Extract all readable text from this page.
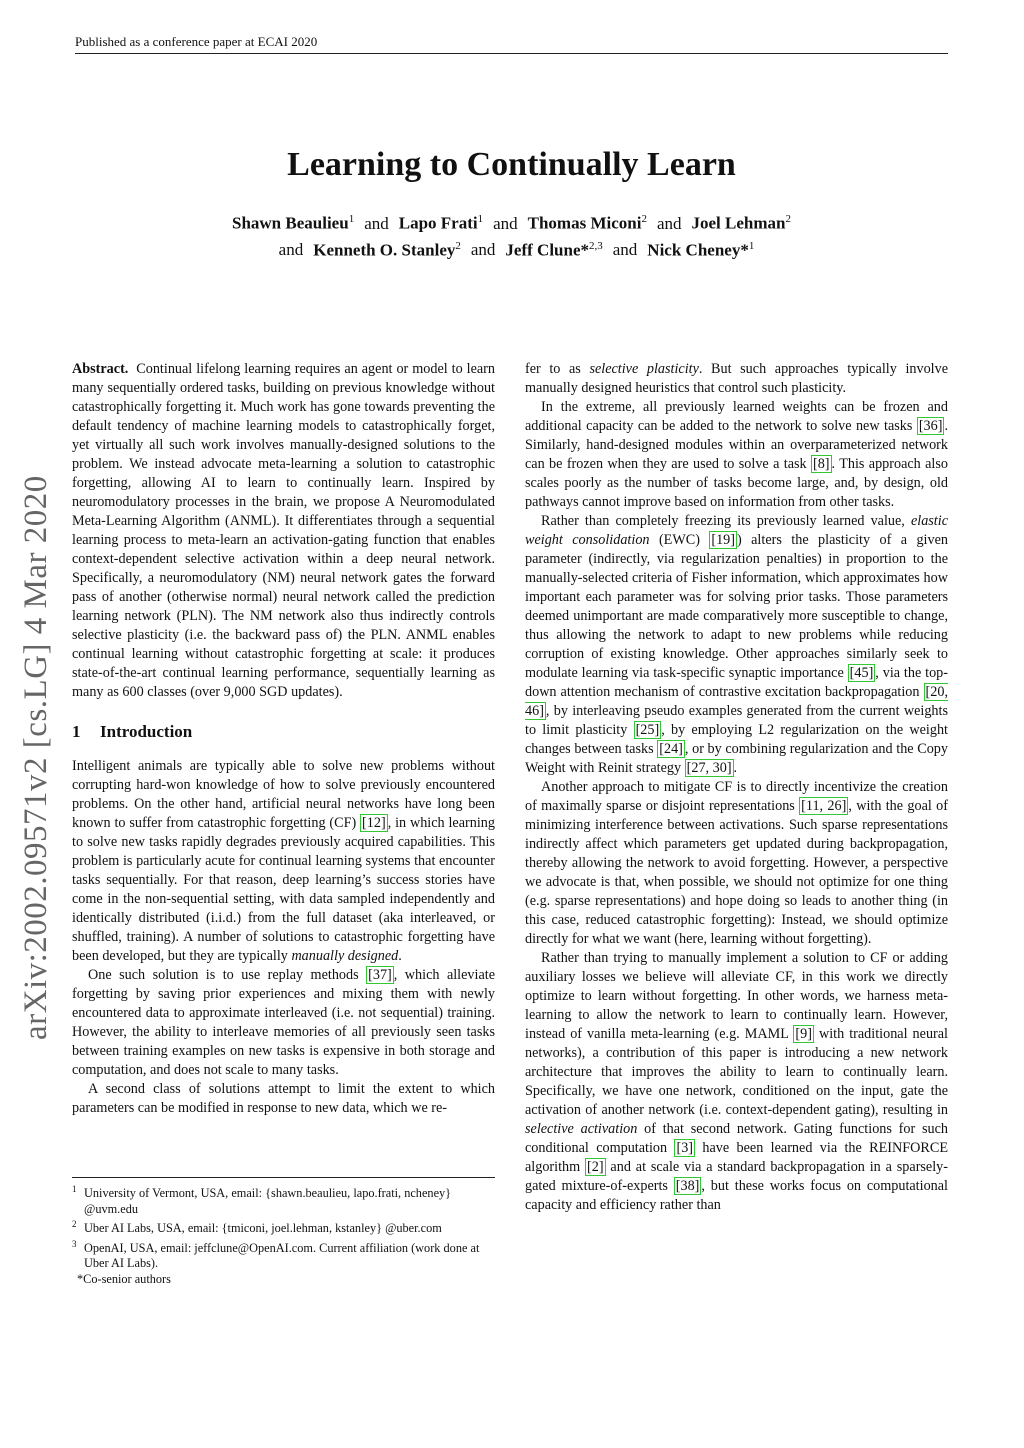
Published as a conference paper at ECAI 2020
arXiv:2002.09571v2 [cs.LG] 4 Mar 2020
Learning to Continually Learn
Shawn Beaulieu$^1$ and Lapo Frati$^1$ and Thomas Miconi$^2$ and Joel Lehman$^2$
and Kenneth O. Stanley$^2$ and Jeff Clune*$^{2,3}$ and Nick Cheney*$^1$

Abstract. Continual lifelong learning requires an agent or model to learn many sequentially ordered tasks, building on previous knowledge without catastrophically forgetting it. Much work has gone towards preventing the default tendency of machine learning models to catastrophically forget, yet virtually all such work involves manually-designed solutions to the problem. We instead advocate meta-learning a solution to catastrophic forgetting, allowing AI to learn to continually learn. Inspired by neuromodulatory processes in the brain, we propose A Neuromodulated Meta-Learning Algorithm (ANML). It differentiates through a sequential learning process to meta-learn an activation-gating function that enables context-dependent selective activation within a deep neural network. Specifically, a neuromodulatory (NM) neural network gates the forward pass of another (otherwise normal) neural network called the prediction learning network (PLN). The NM network also thus indirectly controls selective plasticity (i.e. the backward pass of) the PLN. ANML enables continual learning without catastrophic forgetting at scale: it produces state-of-the-art continual learning performance, sequentially learning as many as 600 classes (over 9,000 SGD updates).

1 Introduction

Intelligent animals are typically able to solve new problems without corrupting hard-won knowledge of how to solve previously encountered problems. On the other hand, artificial neural networks have long been known to suffer from catastrophic forgetting (CF) [12] , in which learning to solve new tasks rapidly degrades previously acquired capabilities. This problem is particularly acute for continual learning systems that encounter tasks sequentially. For that reason, deep learning’s success stories have come in the non-sequential setting, with data sampled independently and identically distributed (i.i.d.) from the full dataset (aka interleaved, or shuffled, training). A number of solutions to catastrophic forgetting have been developed, but they are typically manually designed.

One such solution is to use replay methods [37] , which alleviate forgetting by saving prior experiences and mixing them with newly encountered data to approximate interleaved (i.e. not sequential) training. However, the ability to interleave memories of all previously seen tasks between training examples on new tasks is expensive in both storage and computation, and does not scale to many tasks.

A second class of solutions attempt to limit the extent to which parameters can be modified in response to new data, which we re-

$^1$ University of Vermont, USA, email: {shawn.beaulieu, lapo.frati, ncheney} @uvm.edu

$^2$ Uber AI Labs, USA, email: {tmiconi, joel.lehman, kstanley} @uber.com

$^3$ OpenAI, USA, email: jeffclune@OpenAI.com. Current affiliation (work done at Uber AI Labs).

*Co-senior authors

fer to as selective plasticity. But such approaches typically involve manually designed heuristics that control such plasticity.

In the extreme, all previously learned weights can be frozen and additional capacity can be added to the network to solve new tasks [36] . Similarly, hand-designed modules within an overparameterized network can be frozen when they are used to solve a task [8] . This approach also scales poorly as the number of tasks become large, and, by design, old pathways cannot improve based on information from other tasks.

Rather than completely freezing its previously learned value, elastic weight consolidation (EWC) [19] ) alters the plasticity of a given parameter (indirectly, via regularization penalties) in proportion to the manually-selected criteria of Fisher information, which approximates how important each parameter was for solving prior tasks. Those parameters deemed unimportant are made comparatively more susceptible to change, thus allowing the network to adapt to new problems while reducing corruption of existing knowledge. Other approaches similarly seek to modulate learning via task-specific synaptic importance [45] , via the top-down attention mechanism of contrastive excitation backpropagation [20, 46] , by interleaving pseudo examples generated from the current weights to limit plasticity [25] , by employing L2 regularization on the weight changes between tasks [24] , or by combining regularization and the Copy Weight with Reinit strategy [27, 30] .

Another approach to mitigate CF is to directly incentivize the creation of maximally sparse or disjoint representations [11, 26] , with the goal of minimizing interference between activations. Such sparse representations indirectly affect which parameters get updated during backpropagation, thereby allowing the network to avoid forgetting. However, a perspective we advocate is that, when possible, we should not optimize for one thing (e.g. sparse representations) and hope doing so leads to another thing (in this case, reduced catastrophic forgetting): Instead, we should optimize directly for what we want (here, learning without forgetting).

Rather than trying to manually implement a solution to CF or adding auxiliary losses we believe will alleviate CF, in this work we directly optimize to learn without forgetting. In other words, we harness meta-learning to allow the network to learn to continually learn. However, instead of vanilla meta-learning (e.g. MAML [9] with traditional neural networks), a contribution of this paper is introducing a new network architecture that improves the ability to learn to continually learn. Specifically, we have one network, conditioned on the input, gate the activation of another network (i.e. context-dependent gating), resulting in selective activation of that second network. Gating functions for such conditional computation [3] have been learned via the REINFORCE algorithm [2] and at scale via a standard backpropagation in a sparsely-gated mixture-of-experts [38] , but these works focus on computational capacity and efficiency rather than
